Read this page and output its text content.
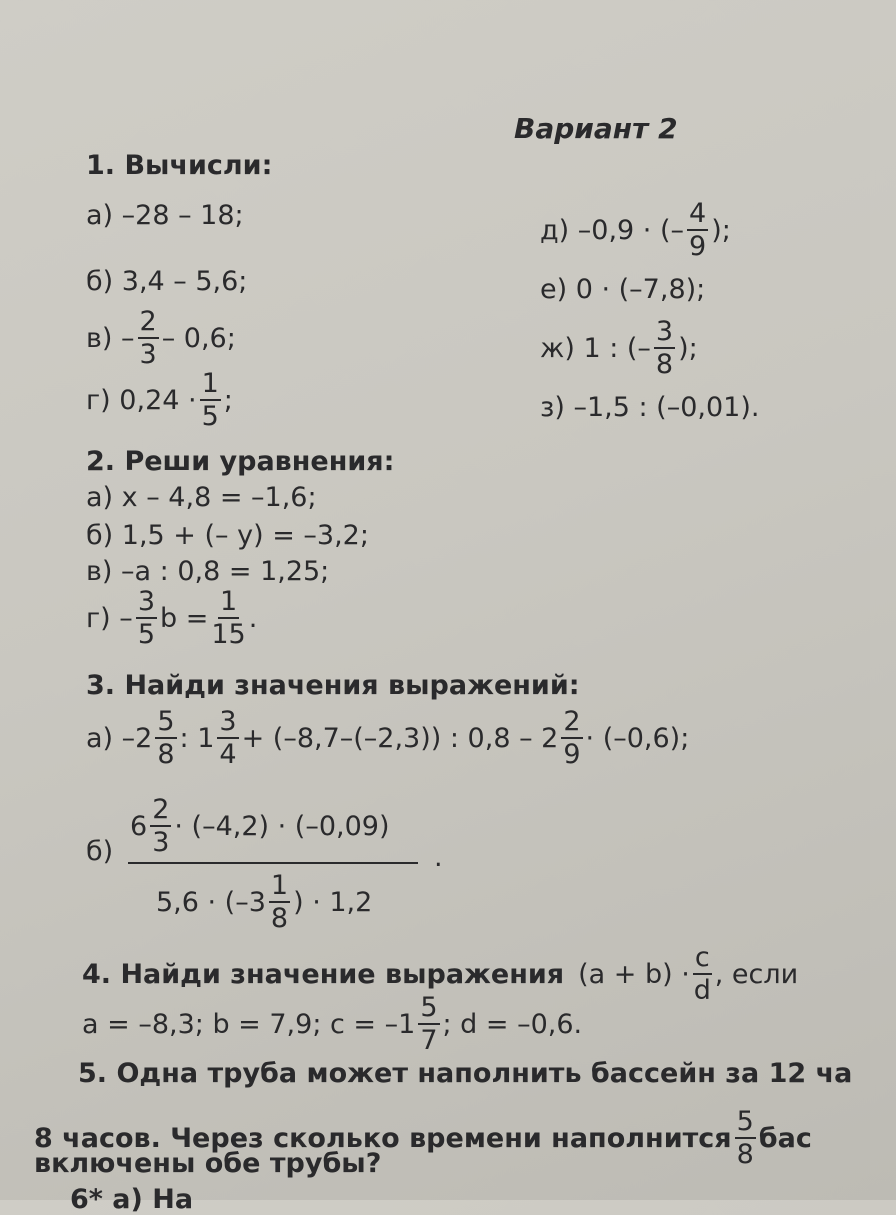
Вариант 2
1. Вычисли:
а) –28 – 18;
б) 3,4 – 5,6;
$в) - \frac{2}{3} - 0,6$;
г) $0,24 \cdot \frac{1}{5}$ ;
д) –0,9 · (– $\frac{4}{9}$ );
е) 0 · (–7,8);
ж) 1 : (– $\frac{3}{8}$ );
з) –1,5 : (–0,01).
2. Реши уравнения:
а) x – 4,8 = –1,6;
б) 1,5 + (– y) = –3,2;
в) –a : 0,8 = 1,25;
$г) - \frac{3}{5}$ $b = \frac{1}{15}$ .
3. Найди значения выражений:
а) $-2 \frac{5}{8}$ : $1 \frac{3}{4} + (-8,7-(-2,3))$ : $0,8 - 2 \frac{2}{9} \cdot (-0,6)$;
б)
$6 \frac{2}{3} \cdot (-4,2) \cdot (-0,09)$
.
$5,6 \cdot (-3 \frac{1}{8}$ ) · 1,2
4. Найди значение выражения $(a + b) \cdot \frac{c}{d}$ , если
a = –8,3; b = 7,9; $c = -1 \frac{5}{7}$ ; d = –0,6.
5. Одна труба может наполнить бассейн за 12 ча
8 часов. Через сколько времени наполнится $\frac{5}{8}$ бас
включены обе трубы?
6* а) На
